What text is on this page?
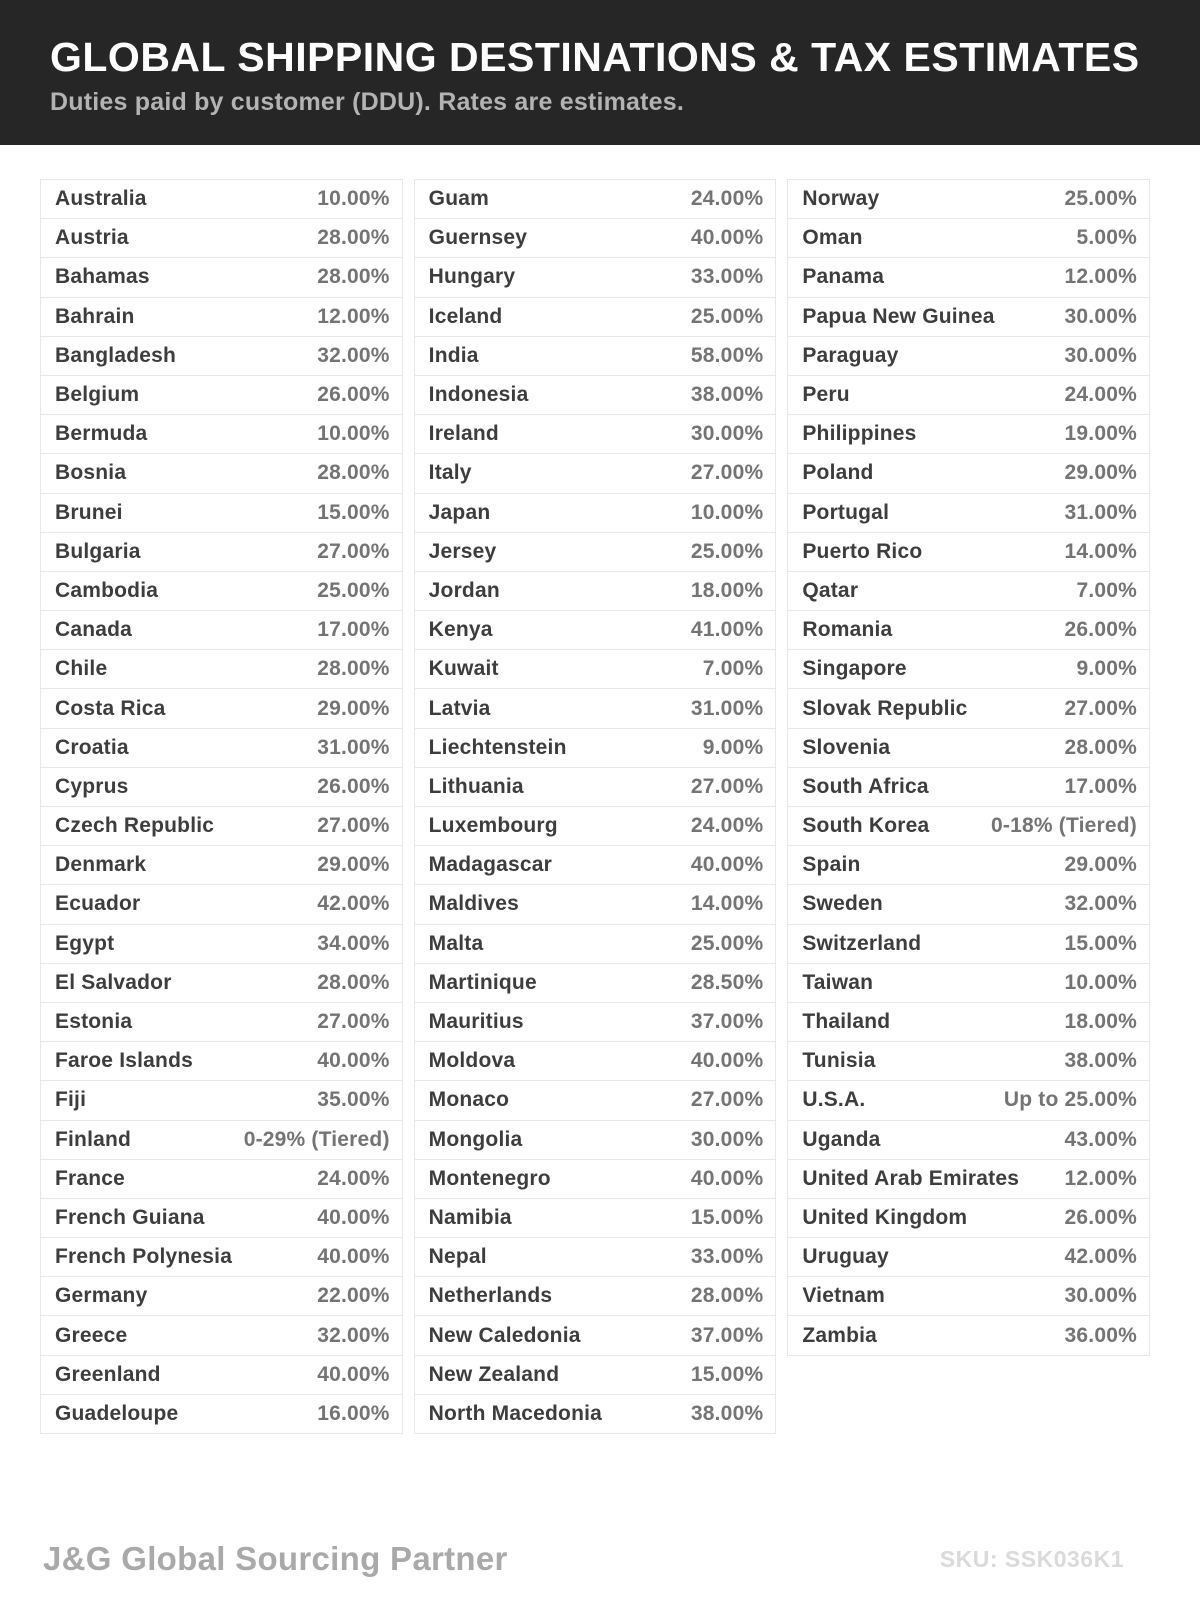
GLOBAL SHIPPING DESTINATIONS & TAX ESTIMATES
Duties paid by customer (DDU). Rates are estimates.
Australia	10.00%
Austria	28.00%
Bahamas	28.00%
Bahrain	12.00%
Bangladesh	32.00%
Belgium	26.00%
Bermuda	10.00%
Bosnia	28.00%
Brunei	15.00%
Bulgaria	27.00%
Cambodia	25.00%
Canada	17.00%
Chile	28.00%
Costa Rica	29.00%
Croatia	31.00%
Cyprus	26.00%
Czech Republic	27.00%
Denmark	29.00%
Ecuador	42.00%
Egypt	34.00%
El Salvador	28.00%
Estonia	27.00%
Faroe Islands	40.00%
Fiji	35.00%
Finland	0-29% (Tiered)
France	24.00%
French Guiana	40.00%
French Polynesia	40.00%
Germany	22.00%
Greece	32.00%
Greenland	40.00%
Guadeloupe	16.00%
Guam	24.00%
Guernsey	40.00%
Hungary	33.00%
Iceland	25.00%
India	58.00%
Indonesia	38.00%
Ireland	30.00%
Italy	27.00%
Japan	10.00%
Jersey	25.00%
Jordan	18.00%
Kenya	41.00%
Kuwait	7.00%
Latvia	31.00%
Liechtenstein	9.00%
Lithuania	27.00%
Luxembourg	24.00%
Madagascar	40.00%
Maldives	14.00%
Malta	25.00%
Martinique	28.50%
Mauritius	37.00%
Moldova	40.00%
Monaco	27.00%
Mongolia	30.00%
Montenegro	40.00%
Namibia	15.00%
Nepal	33.00%
Netherlands	28.00%
New Caledonia	37.00%
New Zealand	15.00%
North Macedonia	38.00%
Norway	25.00%
Oman	5.00%
Panama	12.00%
Papua New Guinea	30.00%
Paraguay	30.00%
Peru	24.00%
Philippines	19.00%
Poland	29.00%
Portugal	31.00%
Puerto Rico	14.00%
Qatar	7.00%
Romania	26.00%
Singapore	9.00%
Slovak Republic	27.00%
Slovenia	28.00%
South Africa	17.00%
South Korea	0-18% (Tiered)
Spain	29.00%
Sweden	32.00%
Switzerland	15.00%
Taiwan	10.00%
Thailand	18.00%
Tunisia	38.00%
U.S.A.	Up to 25.00%
Uganda	43.00%
United Arab Emirates 12.00%
United Kingdom	26.00%
Uruguay	42.00%
Vietnam	30.00%
Zambia	36.00%
J&G Global Sourcing Partner	SKU: SSK036K1
